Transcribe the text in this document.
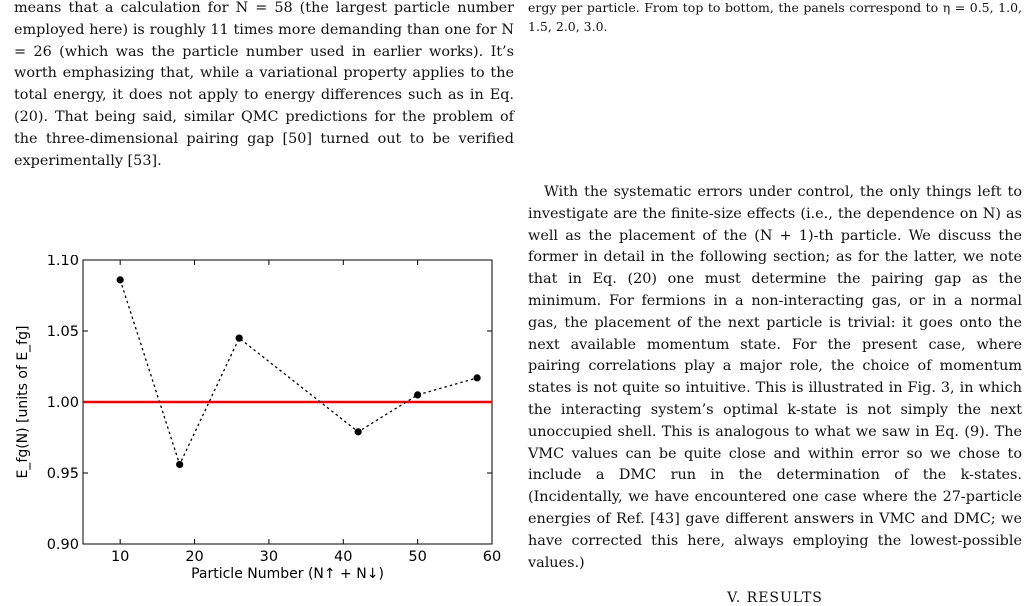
means that a calculation for N = 58 (the largest particle number employed here) is roughly 11 times more demanding than one for N = 26 (which was the particle number used in earlier works). It’s worth emphasizing that, while a variational property applies to the total energy, it does not apply to energy differences such as in Eq. (20). That being said, similar QMC predictions for the problem of the three-dimensional pairing gap [50] turned out to be verified experimentally [53].

10	20	30	40	50	60
0.90
0.95
1.00
1.05
1.10
Particle Number (N↑ + N↓)
E_fg(N) [units of E_fg]

ergy per particle. From top to bottom, the panels correspond to η = 0.5, 1.0, 1.5, 2.0, 3.0.

With the systematic errors under control, the only things left to investigate are the finite-size effects (i.e., the dependence on N) as well as the placement of the (N + 1)-th particle. We discuss the former in detail in the following section; as for the latter, we note that in Eq. (20) one must determine the pairing gap as the minimum. For fermions in a non-interacting gas, or in a normal gas, the placement of the next particle is trivial: it goes onto the next available momentum state. For the present case, where pairing correlations play a major role, the choice of momentum states is not quite so intuitive. This is illustrated in Fig. 3, in which the interacting system’s optimal k-state is not simply the next unoccupied shell. This is analogous to what we saw in Eq. (9). The VMC values can be quite close and within error so we chose to include a DMC run in the determination of the k-states. (Incidentally, we have encountered one case where the 27-particle energies of Ref. [43] gave different answers in VMC and DMC; we have corrected this here, always employing the lowest-possible values.)

V. RESULTS
